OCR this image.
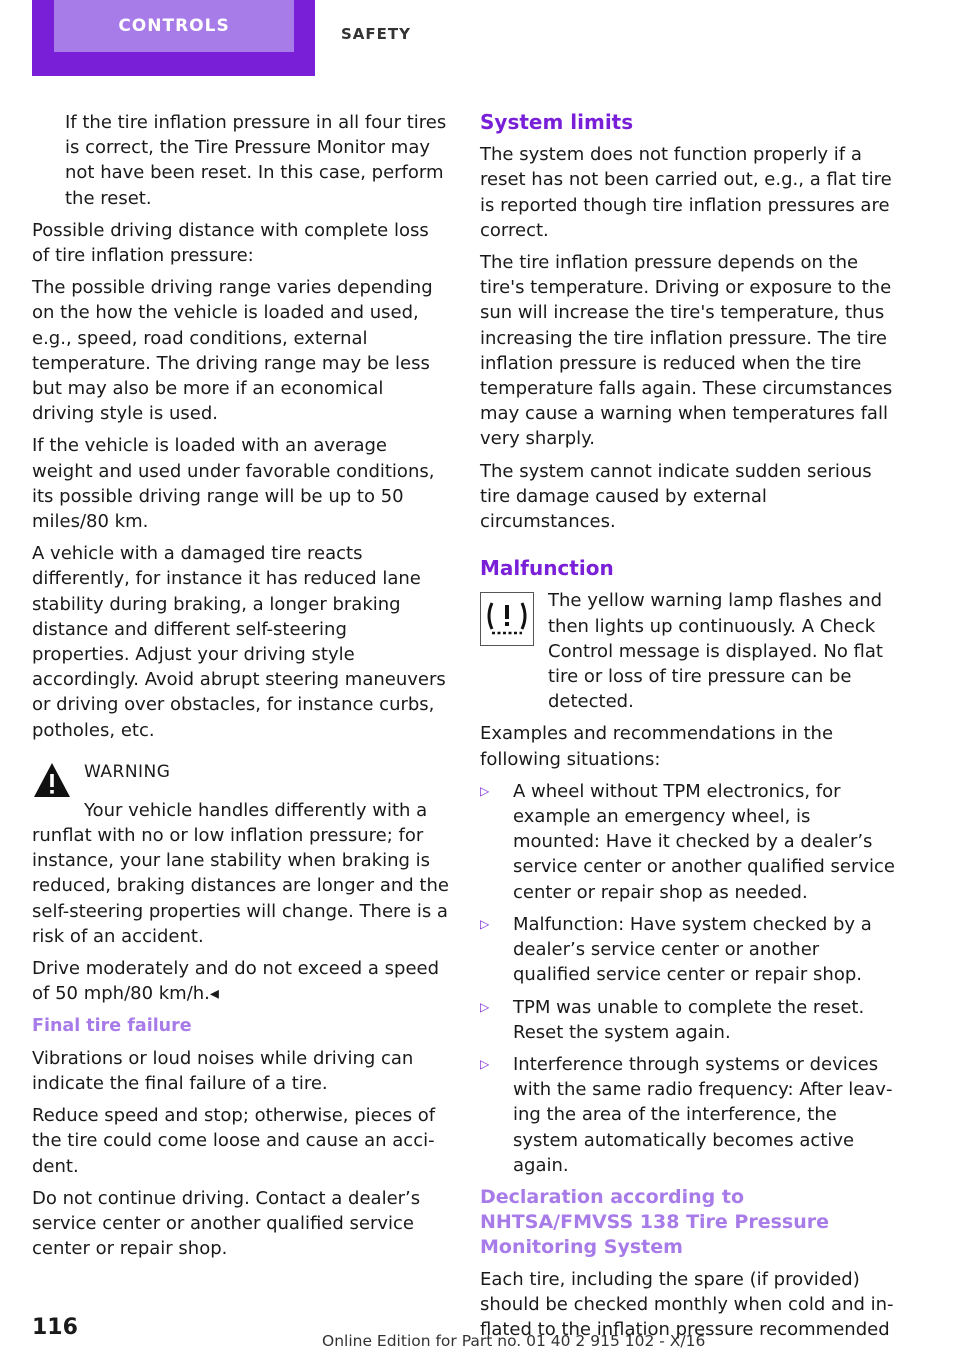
CONTROLS	SAFETY

If the tire inflation pressure in all four tires is correct, the Tire Pressure Monitor may not have been reset. In this case, perform the reset.

Possible driving distance with complete loss of tire inflation pressure:

The possible driving range varies depending on the how the vehicle is loaded and used, e.g., speed, road conditions, external temperature. The driving range may be less but may also be more if an economical driving style is used.

If the vehicle is loaded with an average weight and used under favorable conditions, its possible driving range will be up to 50 miles/80 km.

A vehicle with a damaged tire reacts differently, for instance it has reduced lane stability during braking, a longer braking distance and different self-steering properties. Adjust your driving style accordingly. Avoid abrupt steering maneuvers or driving over obstacles, for instance curbs, potholes, etc.

WARNING

Your vehicle handles differently with a runflat with no or low inflation pressure; for instance, your lane stability when braking is reduced, braking distances are longer and the self-steering properties will change. There is a risk of an accident.

Drive moderately and do not exceed a speed of 50 mph/80 km/h.◂

Final tire failure

Vibrations or loud noises while driving can indicate the final failure of a tire.

Reduce speed and stop; otherwise, pieces of the tire could come loose and cause an accident.

Do not continue driving. Contact a dealer’s service center or another qualified service center or repair shop.

System limits

The system does not function properly if a reset has not been carried out, e.g., a flat tire is reported though tire inflation pressures are correct.

The tire inflation pressure depends on the tire's temperature. Driving or exposure to the sun will increase the tire's temperature, thus increasing the tire inflation pressure. The tire inflation pressure is reduced when the tire temperature falls again. These circumstances may cause a warning when temperatures fall very sharply.

The system cannot indicate sudden serious tire damage caused by external circumstances.

Malfunction

The yellow warning lamp flashes and then lights up continuously. A Check Control message is displayed. No flat tire or loss of tire pressure can be detected.

Examples and recommendations in the following situations:

▷	A wheel without TPM electronics, for example an emergency wheel, is mounted: Have it checked by a dealer’s service center or another qualified service center or repair shop as needed.
▷	Malfunction: Have system checked by a dealer’s service center or another qualified service center or repair shop.
▷	TPM was unable to complete the reset. Reset the system again.
▷	Interference through systems or devices with the same radio frequency: After leaving the area of the interference, the system automatically becomes active again.

Declaration according to NHTSA/FMVSS 138 Tire Pressure Monitoring System

Each tire, including the spare (if provided) should be checked monthly when cold and inflated to the inflation pressure recommended

116
Online Edition for Part no. 01 40 2 915 102 - X/16
